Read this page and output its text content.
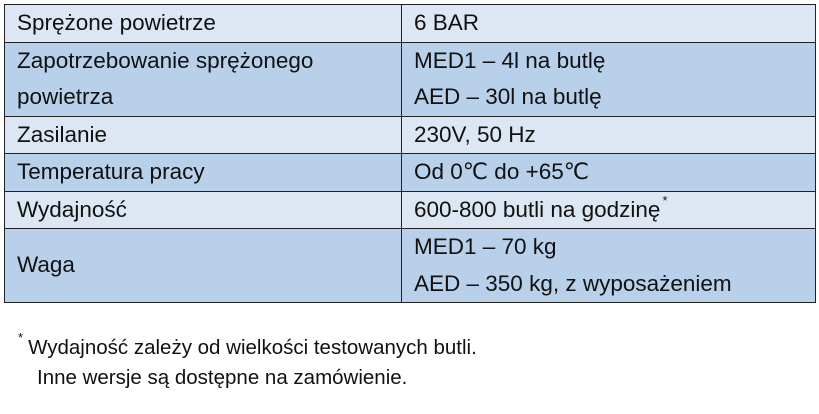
Sprężone powietrze	6 BAR

Zapotrzebowanie sprężonego
powietrza	MED1 – 4l na butlę
AED – 30l na butlę

Zasilanie	230V, 50 Hz

Temperatura pracy	Od 0℃ do +65℃

Wydajność	600-800 butli na godzinę *

Waga	MED1 – 70 kg
AED – 350 kg, z wyposażeniem
* Wydajność zależy od wielkości testowanych butli.
Inne wersje są dostępne na zamówienie.
